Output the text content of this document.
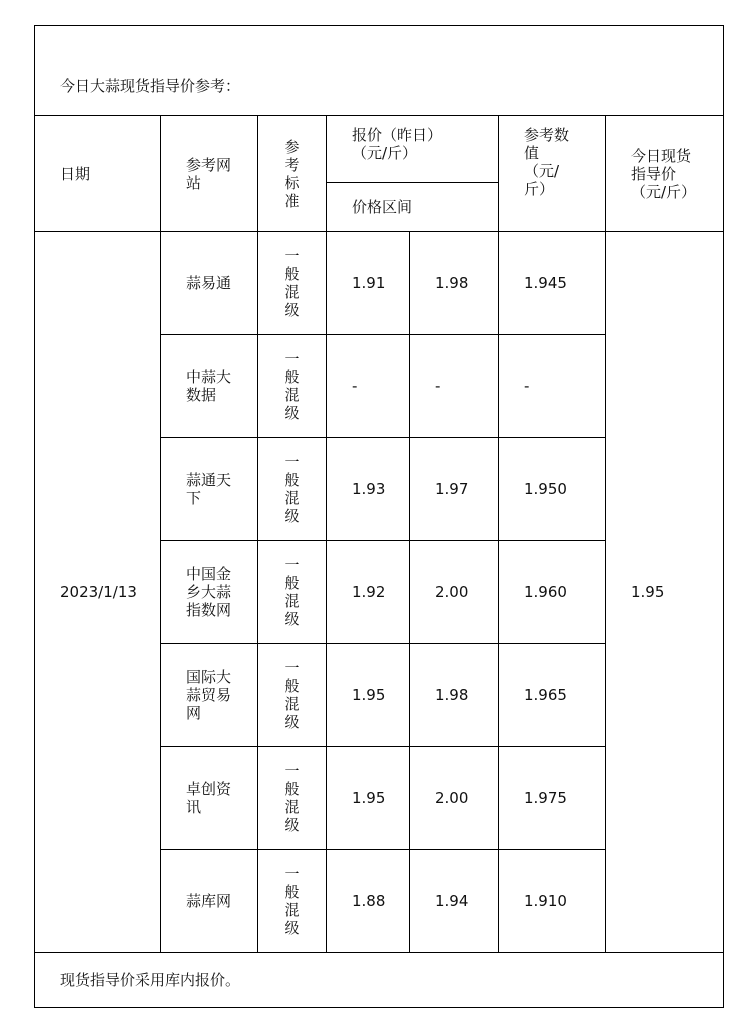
今日大蒜现货指导价参考：						

日期	参考网站	参考标准	报价（昨日）（元/斤）		参考数值（元/斤）	今日现货指导价（元/斤）

			价格区间			
2023/1/13	蒜易通	一般混级	1.91	1.98	1.945	1.95

	中蒜大数据	一般混级	-	-	-	

	蒜通天下	一般混级	1.93	1.97	1.950	

	中国金乡大蒜指数网	一般混级	1.92	2.00	1.960	

	国际大蒜贸易网	一般混级	1.95	1.98	1.965	

	卓创资讯	一般混级	1.95	2.00	1.975	

	蒜库网	一般混级	1.88	1.94	1.910	
现货指导价采用库内报价。						
